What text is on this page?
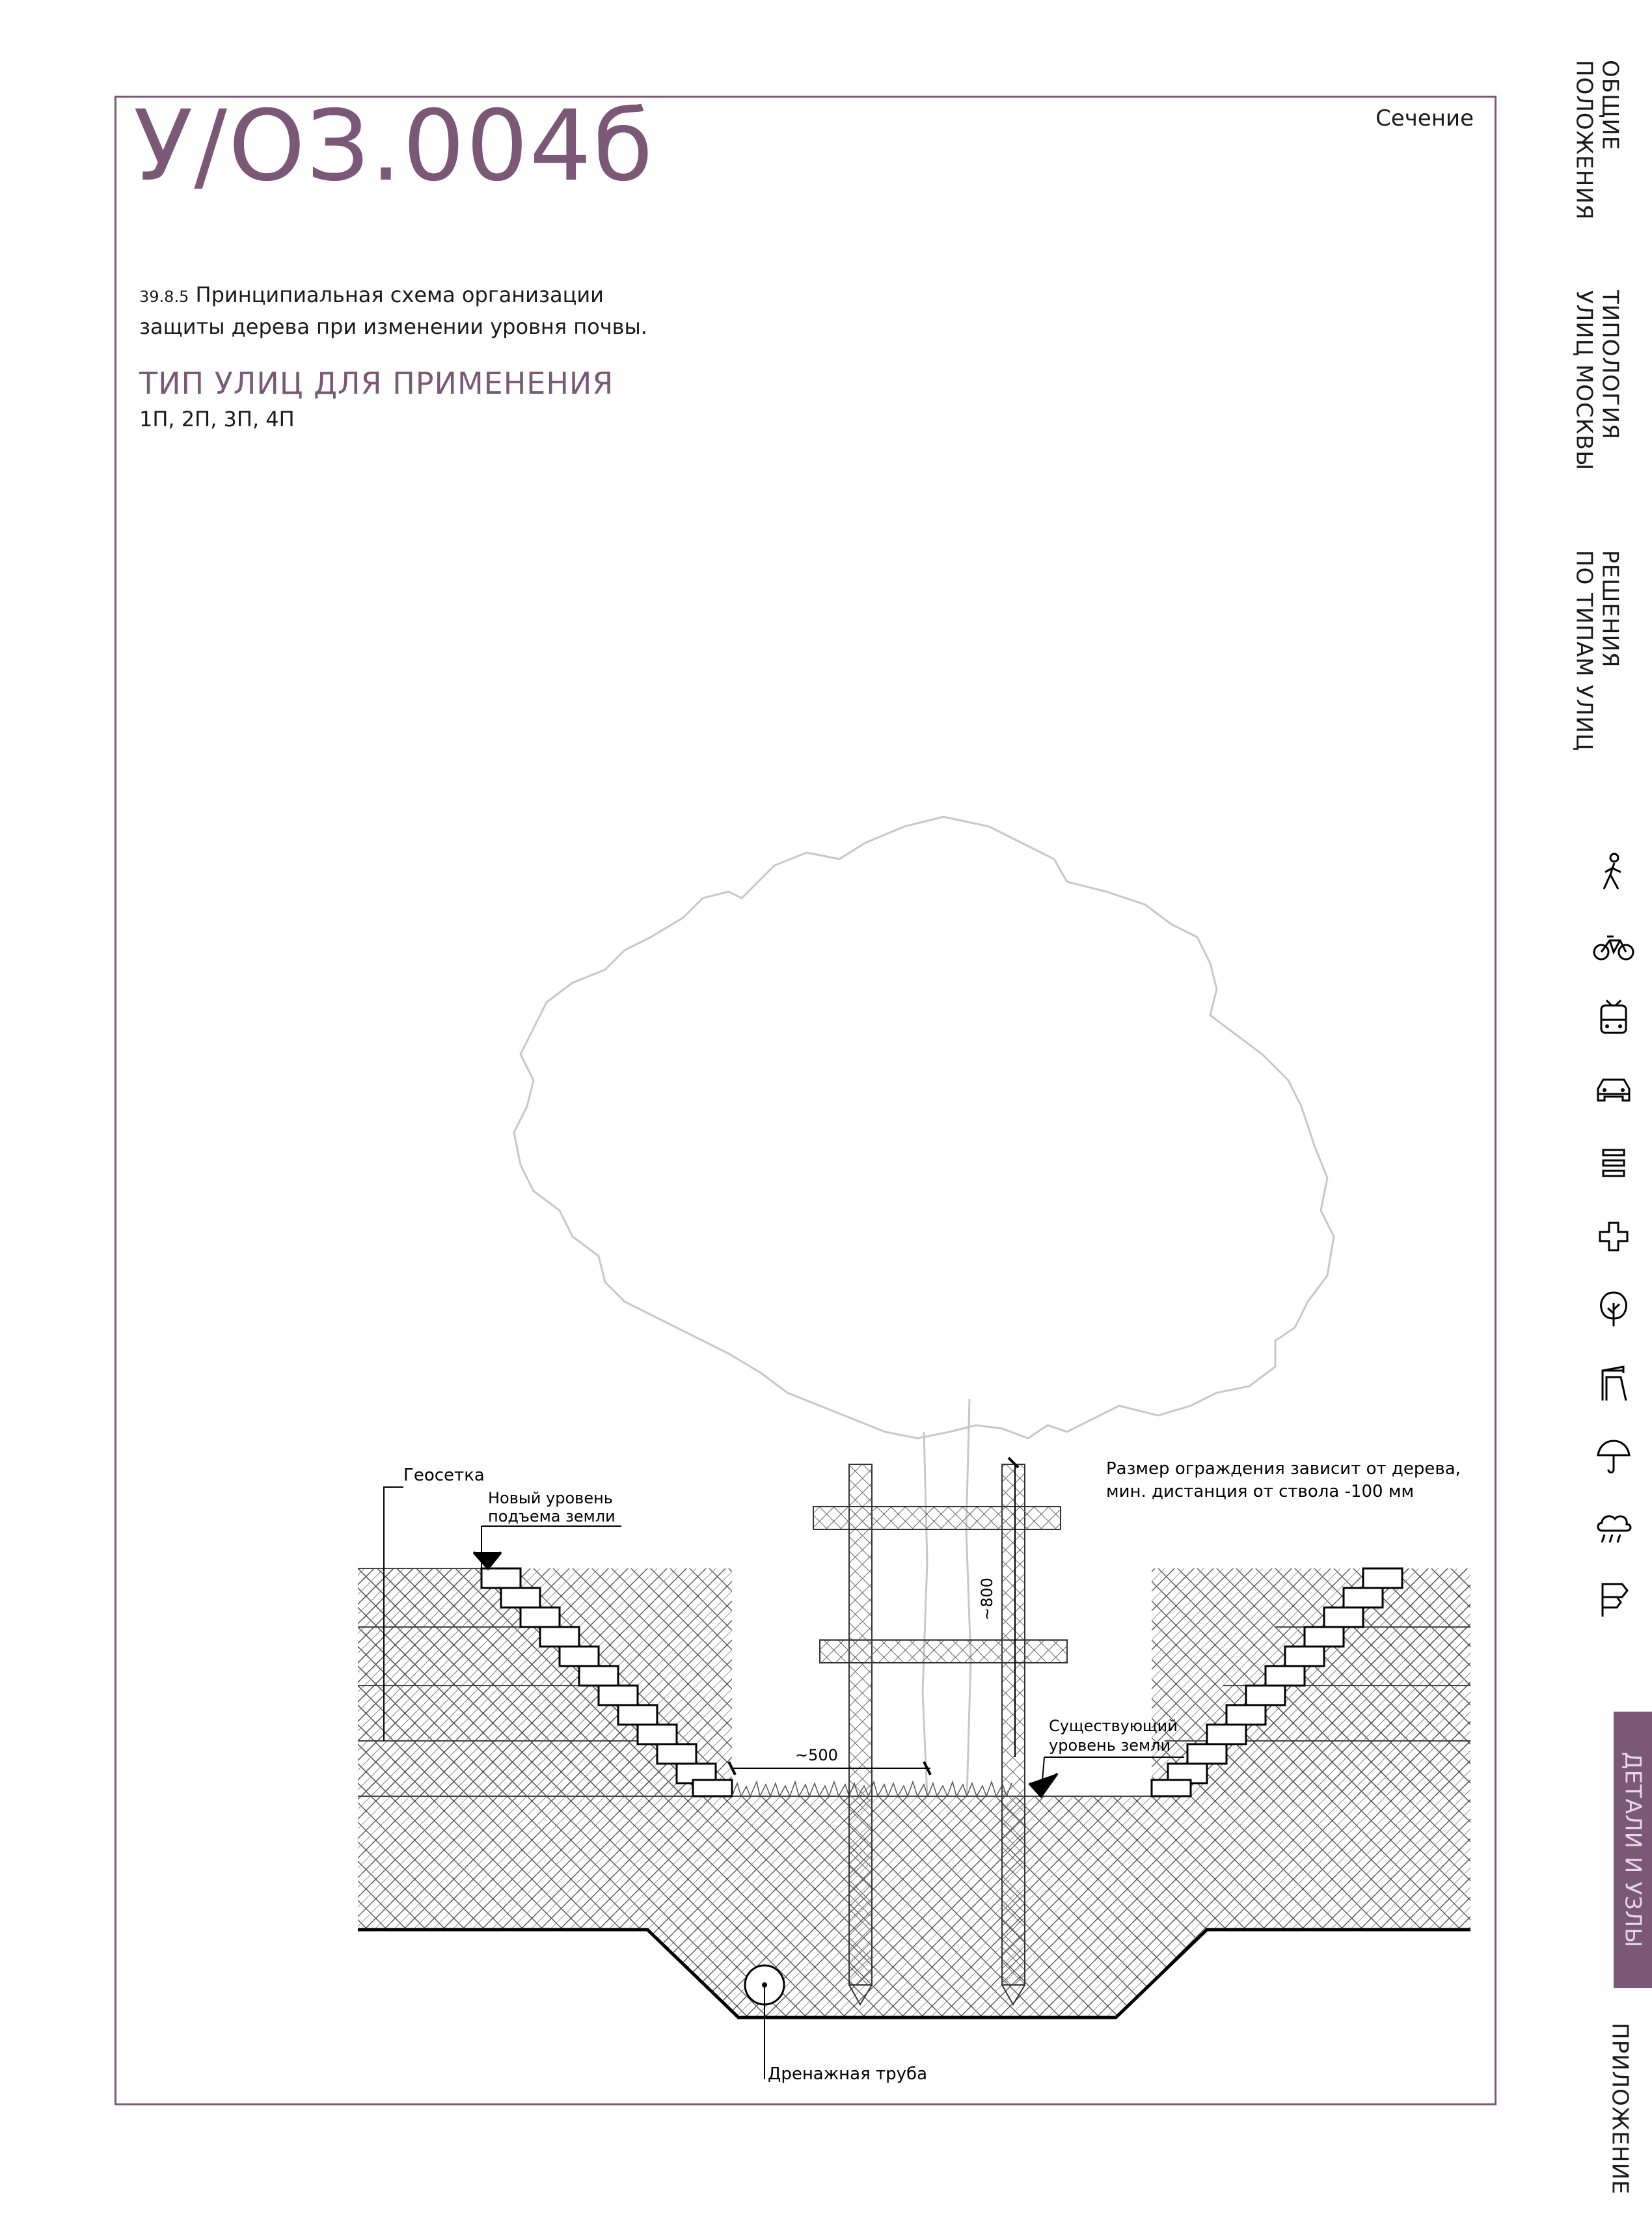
У/ОЗ.004б	Сечение
39.8.5 Принципиальная схема организации
защиты дерева при изменении уровня почвы.
ТИП УЛИЦ ДЛЯ ПРИМЕНЕНИЯ
1П, 2П, 3П, 4П
Геосетка
Новый уровень
подъема земли
Размер ограждения зависит от дерева,
мин. дистанция от ствола -100 мм
~800
~500
Существующий
уровень земли
Дренажная труба
ОБЩИЕ
ПОЛОЖЕНИЯ
ТИПОЛОГИЯ
УЛИЦ МОСКВЫ
РЕШЕНИЯ
ПО ТИПАМ УЛИЦ
ДЕТАЛИ И УЗЛЫ
ПРИЛОЖЕНИЕ
